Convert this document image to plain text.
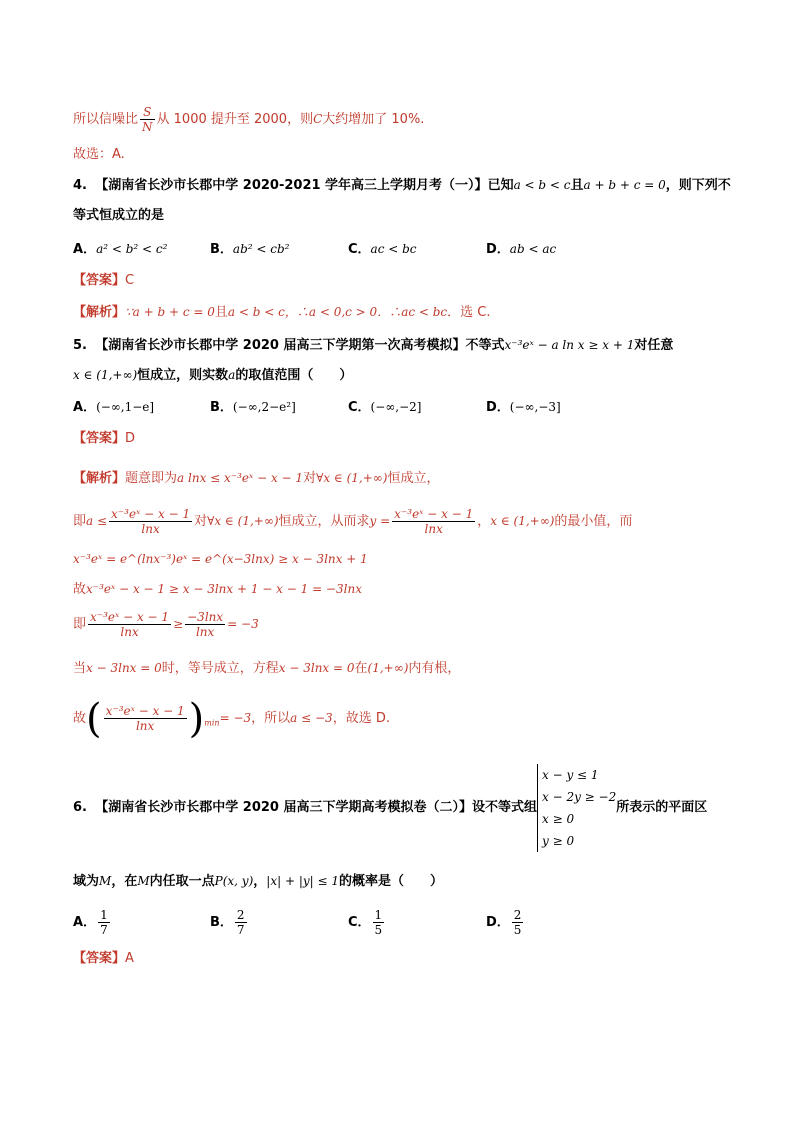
所以信噪比 $\frac{S}{N}$ 从 1000 提升至 2000，则C大约增加了 10%.
故选：A.
4. 【湖南省长沙市长郡中学 2020-2021 学年高三上学期月考（一）】已知a < b < c且a + b + c = 0，则下列不
等式恒成立的是
A．a² < b² < c²	B．ab² < cb²	C．ac < bc	D．ab < ac
【答案】C
【解析】∵a + b + c = 0且a < b < c，∴a < 0,c > 0．∴ac < bc．选 C.
5. 【湖南省长沙市长郡中学 2020 届高三下学期第一次高考模拟】不等式x⁻³eˣ − a ln x ≥ x + 1对任意
x ∈ (1,+∞)恒成立，则实数a的取值范围（　　）
A．(−∞,1−e]	B．(−∞,2−e²]	C．(−∞,−2]	D．(−∞,−3]
【答案】D
【解析】题意即为a lnx ≤ x⁻³eˣ − x − 1对∀x ∈ (1,+∞)恒成立，
即$a \le \frac{\text{x⁻³eˣ − x − 1}}{\ln x}$ 对∀x ∈ (1,+∞)恒成立，从而求$y = \frac{\text{x⁻³eˣ − x − 1}}{\ln x}$ ，x ∈ (1,+∞)的最小值，而
x⁻³eˣ = e^(lnx⁻³)eˣ = e^(x−3lnx) ≥ x − 3lnx + 1
故x⁻³eˣ − x − 1 ≥ x − 3lnx + 1 − x − 1 = −3lnx
即 $\frac{\text{x⁻³eˣ − x − 1}}{\ln x} \ge \frac{-3\ln x}{\ln x} = -3$
当x − 3lnx = 0时，等号成立，方程x − 3lnx = 0在(1,+∞)内有根，
故( $\frac{\text{x⁻³eˣ − x − 1}}{\ln x} )_{min}= -3$，所以a ≤ −3，故选 D.
6. 【湖南省长沙市长郡中学 2020 届高三下学期高考模拟卷（二）】设不等式组
x − y ≤ 1
x − 2y ≥ −2
x ≥ 0
y ≥ 0
所表示的平面区
域为M，在M内任取一点P(x, y)，|x| + |y| ≤ 1的概率是（　　）
A． $\frac{1}{7}$	B． $\frac{2}{7}$	C． $\frac{1}{5}$	D． $\frac{2}{5}$
【答案】A
